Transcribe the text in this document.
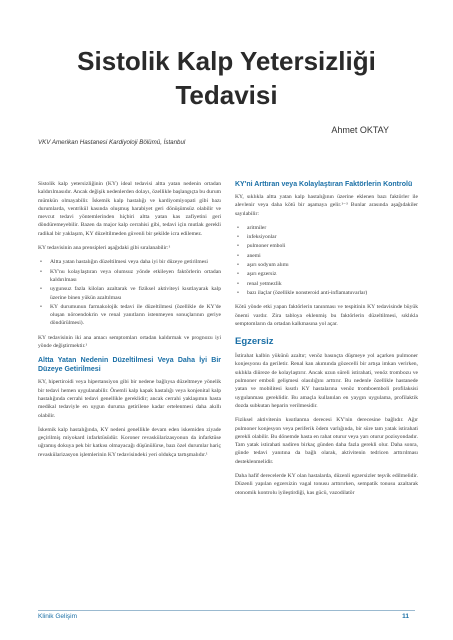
Sistolik Kalp Yetersizliği
Tedavisi
Ahmet OKTAY
VKV Amerikan Hastanesi Kardiyoloji Bölümü, İstanbul

Sistolik kalp yetersizliğinin (KY) ideal tedavisi altta yatan nedenin ortadan kaldırılmasıdır. Ancak değişik nedenlerden dolayı, özellikle başlangıçta bu durum mümkün olmayabilir. İskemik kalp hastalığı ve kardiyomiyopati gibi bazı durumlarda, ventrikül kasında oluşmuş harabiyet geri dönüşümsüz olabilir ve mevcut tedavi yöntemlerinden hiçbiri altta yatan kas zafiyetini geri döndüremeyebilir. Bazen da major kalp cerrahisi gibi, tedavi için mutlak gerekli radikal bir yaklaşım, KY düzeltilmeden güvenli bir şekilde icra edilemez.

KY tedavisinin ana prensipleri aşağıdaki gibi sıralanabilir:¹

• Altta yatan hastalığın düzeltilmesi veya daha iyi bir düzeye getirilmesi
• KY'nu kolaylaştıran veya olumsuz yönde etkileyen faktörlerin ortadan kaldırılması
• uygunsuz fazla kilolan azaltarak ve fiziksel aktiviteyi kısıtlayarak kalp üzerine binen yükün azaltılması
• KY durumunun farmakolojik tedavi ile düzeltilmesi (özellikle de KY'de oluşan nöroendokrin ve renal yanıtların istenmeyen sonuçlarının geriye döndürülmesi).

KY tedavisinin iki ana amacı semptomları ortadan kaldırmak ve prognozu iyi yönde değiştirmektir.¹

Altta Yatan Nedenin Düzeltilmesi Veya Daha İyi Bir Düzeye Getirilmesi

KY, hipertiroidi veya hipertansiyon gibi bir nedene bağlıysa düzeltmeye yönelik bir tedavi hemen uygulanabilir. Önemli kalp kapak hastalığı veya konjenital kalp hastalığında cerrahi tedavi genellikle gereklidir; ancak cerrahi yaklaşımın hasta medikal tedaviyle en uygun duruma getirilene kadar ertelenmesi daha akıllı olabilir.

İskemik kalp hastalığında, KY nedeni genellikle devam eden iskemiden ziyade geçirilmiş miyokard infarktüsüdür. Koroner revaskülarizasyonun da infarktüse uğramış dokuya pek bir katkısı olmayacağı düşünülürse, bazı özel durumlar hariç revaskülarizasyon işlemlerinin KY tedavisindeki yeri oldukça tartışmalıdır.¹

KY'ni Arttıran veya Kolaylaştıran Faktörlerin Kontrolü

KY, sıklıkla altta yatan kalp hastalığının üzerine eklenen bazı faktörler ile alevlenir veya daha kötü bir aşamaya gelir.¹⁻³ Bunlar arasında aşağıdakiler sayılabilir:

• aritmiler
• infeksiyonlar
• pulmoner emboli
• anemi
• aşırı sodyum alımı
• aşırı egzersiz
• renal yetmezlik
• bazı ilaçlar (özellikle nonsteroid anti-inflamatuvarlar)

Kötü yönde etki yapan faktörlerin tanınması ve tespitinin KY tedavisinde büyük önemi vardır. Zira tabloya eklenmiş bu faktörlerin düzeltilmesi, sıklıkla semptomların da ortadan kalkmasına yol açar.

Egzersiz

İstirahat kalbin yükünü azaltır; venöz basınçta düşmeye yol açarken pulmoner konjesyonu da geriletir. Renal kan akımında gözecelli bir artışa imkan verirken, sıklıkla diüreze de kolaylaştırır. Ancak uzun süreli istirahati, venöz trombozu ve pulmoner emboli gelişmesi olasılığını arttırır. Bu nedenle özellikle hastanede yatan ve mobilitesi kısıtlı KY hastalarına venöz tromboemboli profilaksisi uygulanması gereklidir. Bu amaçla kullanılan en yaygın uygulama, profilaktik dozda subkutan heparin verilmesidir.

Fiziksel aktivitenin kısıtlanma derecesi KY'nin derecesine bağlıdır. Ağır pulmoner konjesyon veya periferik ödem varlığında, bir süre tam yatak istirahati gerekli olabilir. Bu dönemde hasta en rahat oturur veya yarı oturur pozisyondadır. Tam yatak istirahati nadiren birkaç günden daha fazla gerekli olur. Daha sonra, günde tedavi yanıtına da bağlı olarak, aktivitenin tedricen arttırılması desteklenmelidir.

Daha hafif derecelerde KY olan hastalarda, düzenli egzersizler teşvik edilmelidir. Düzenli yapılan egzersizin vagal tonusu arttırırken, sempatik tonusu azaltarak otonomik kontrolu iyileştirdiği, kas gücü, vazodilatör

Klinik Gelişim	11
